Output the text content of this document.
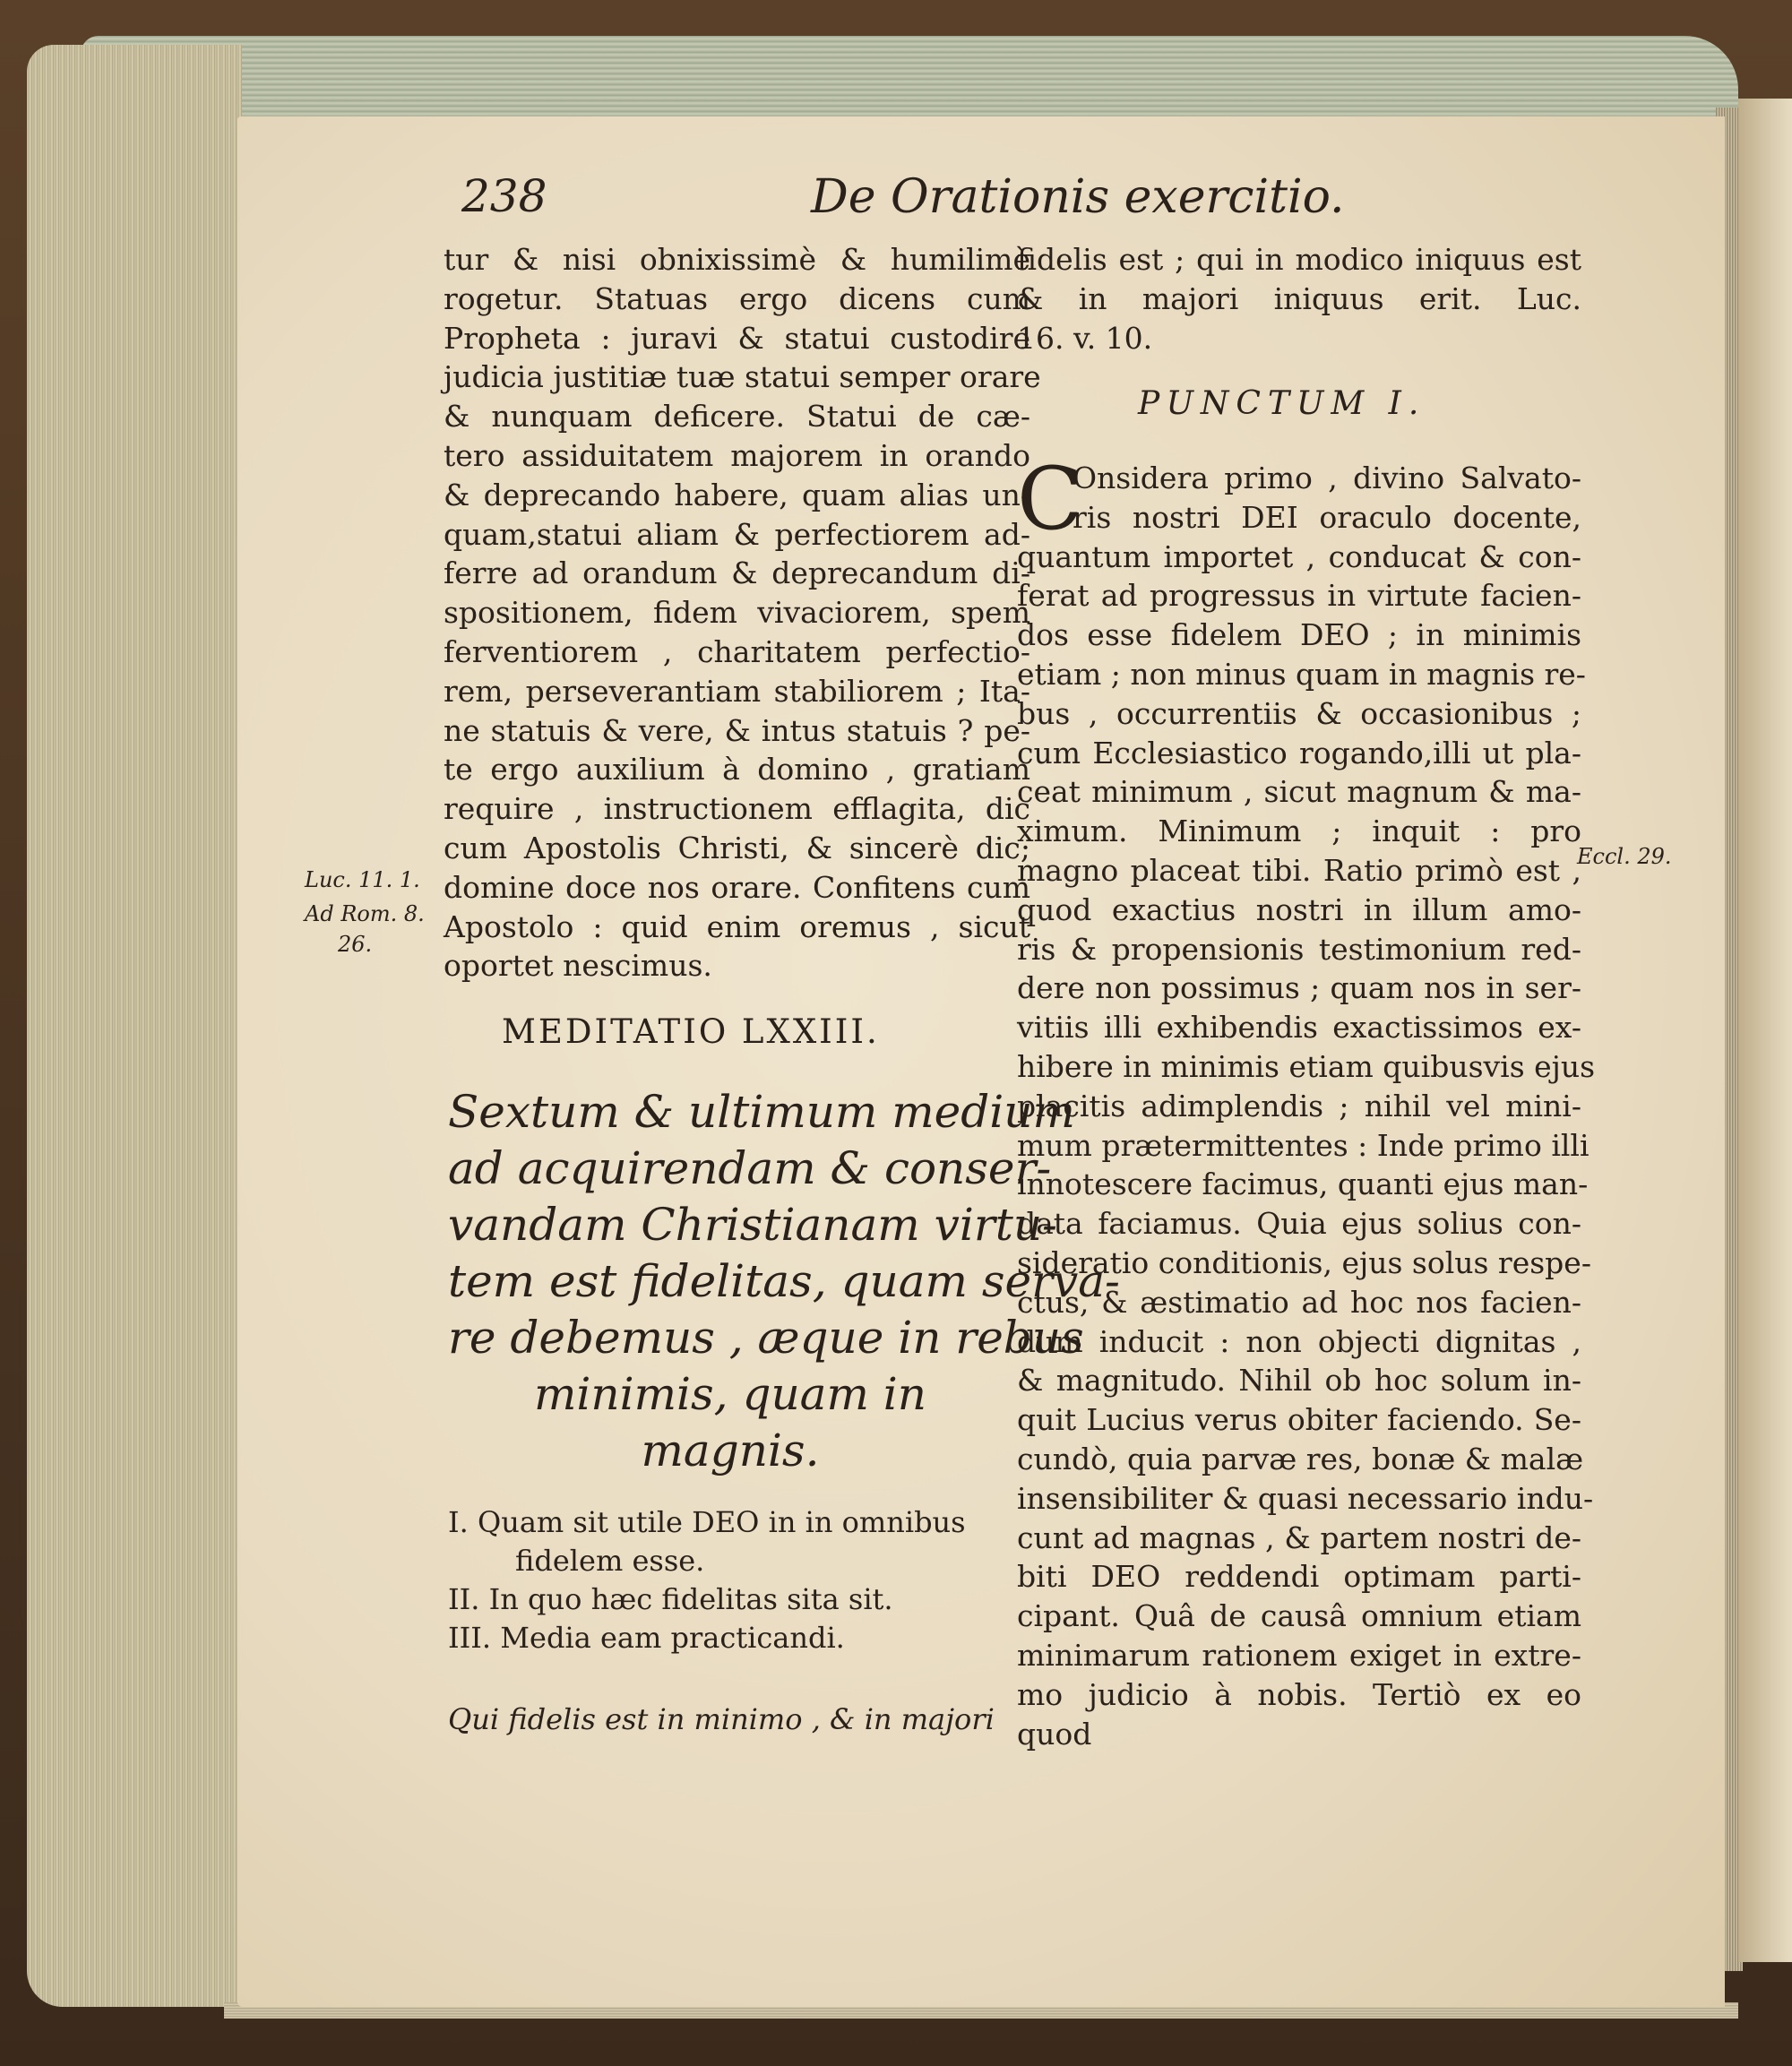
238	De Orationis exercitio.
tur & nisi obnixissimè & humilimè
rogetur. Statuas ergo dicens cum
Propheta : juravi & statui custodire
judicia justitiæ tuæ statui semper orare
& nunquam deficere. Statui de cæ-
tero assiduitatem majorem in orando
& deprecando habere, quam alias un-
quam,statui aliam & perfectiorem ad-
ferre ad orandum & deprecandum di-
spositionem, fidem vivaciorem, spem
ferventiorem , charitatem perfectio-
rem, perseverantiam stabiliorem ; Ita-
ne statuis & vere, & intus statuis ? pe-
te ergo auxilium à domino , gratiam
require , instructionem efflagita, dic
cum Apostolis Christi, & sincerè dic;
domine doce nos orare. Confitens cum
Apostolo : quid enim oremus , sicut
oportet nescimus.
MEDITATIO LXXIII.
Sextum & ultimum medium
ad acquirendam & conser-
vandam Christianam virtu-
tem est fidelitas, quam serva-
re debemus , æque in rebus
minimis, quam in
magnis.
I. Quam sit utile DEO in in omnibus
fidelem esse.
II. In quo hæc fidelitas sita sit.
III. Media eam practicandi.
Qui fidelis est in minimo , & in majori
fidelis est ; qui in modico iniquus est
& in majori iniquus erit. Luc.
16. v. 10.
PUNCTUM I.
C
Onsidera primo , divino Salvato-
ris nostri DEI oraculo docente,
quantum importet , conducat & con-
ferat ad progressus in virtute facien-
dos esse fidelem DEO ; in minimis
etiam ; non minus quam in magnis re-
bus , occurrentiis & occasionibus ;
cum Ecclesiastico rogando,illi ut pla-
ceat minimum , sicut magnum & ma-
ximum. Minimum ; inquit : pro
magno placeat tibi. Ratio primò est ,
quod exactius nostri in illum amo-
ris & propensionis testimonium red-
dere non possimus ; quam nos in ser-
vitiis illi exhibendis exactissimos ex-
hibere in minimis etiam quibusvis ejus
placitis adimplendis ; nihil vel mini-
mum prætermittentes : Inde primo illi
innotescere facimus, quanti ejus man-
data faciamus. Quia ejus solius con-
sideratio conditionis, ejus solus respe-
ctus, & æstimatio ad hoc nos facien-
dum inducit : non objecti dignitas ,
& magnitudo. Nihil ob hoc solum in-
quit Lucius verus obiter faciendo. Se-
cundò, quia parvæ res, bonæ & malæ
insensibiliter & quasi necessario indu-
cunt ad magnas , & partem nostri de-
biti DEO reddendi optimam parti-
cipant. Quâ de causâ omnium etiam
minimarum rationem exiget in extre-
mo judicio à nobis. Tertiò ex eo
quod
Luc. 11. 1.
Ad Rom. 8.
26.
Eccl. 29.
